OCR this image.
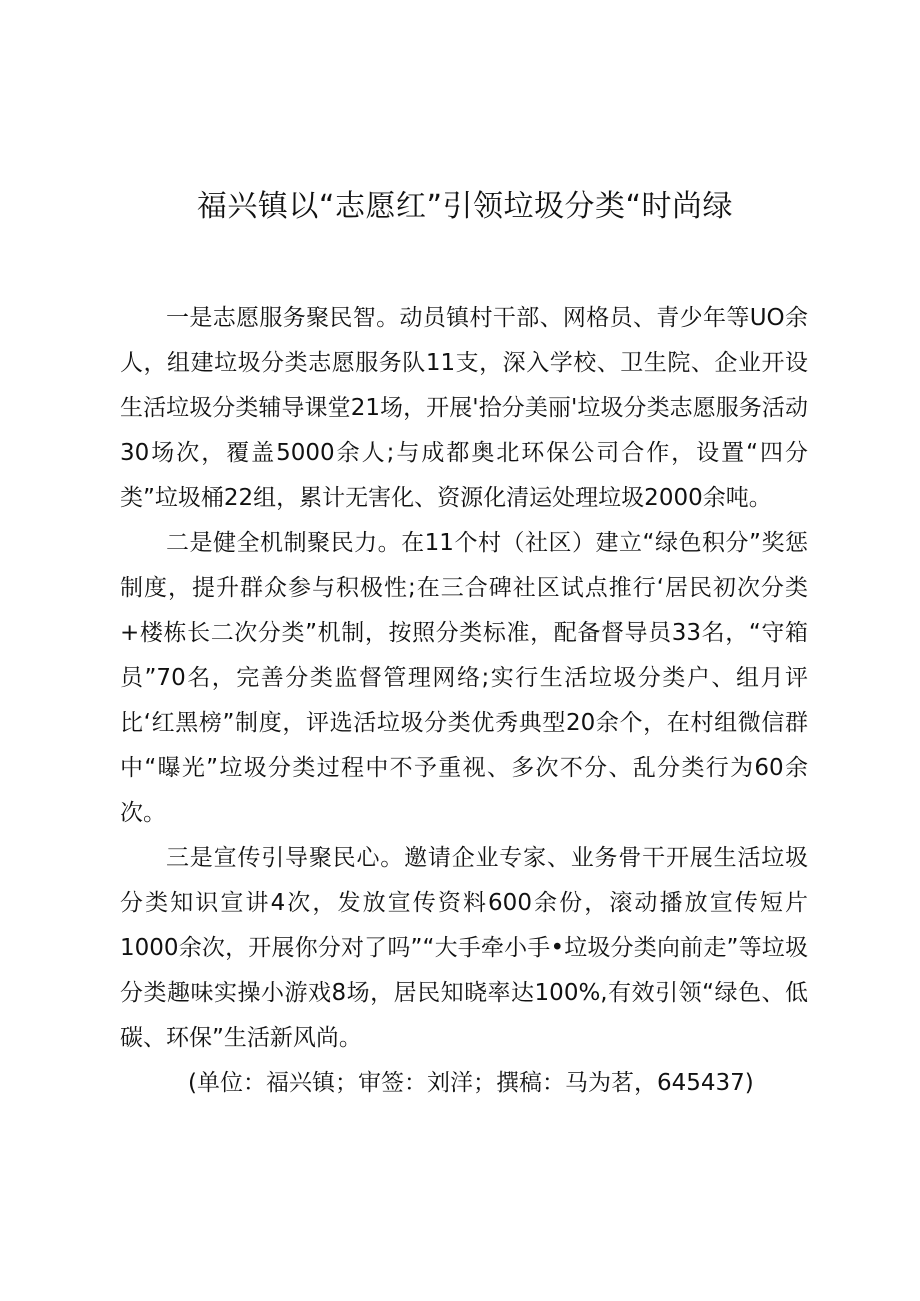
福兴镇以“志愿红”引领垃圾分类“时尚绿

一是志愿服务聚民智。动员镇村干部、网格员、青少年等UO余人，组建垃圾分类志愿服务队11支，深入学校、卫生院、企业开设生活垃圾分类辅导课堂21场，开展'拾分美丽'垃圾分类志愿服务活动30场次，覆盖5000余人;与成都奥北环保公司合作，设置“四分类”垃圾桶22组，累计无害化、资源化清运处理垃圾2000余吨。

二是健全机制聚民力。在11个村（社区）建立“绿色积分”奖惩制度，提升群众参与积极性;在三合碑社区试点推行‘居民初次分类+楼栋长二次分类”机制，按照分类标准，配备督导员33名，“守箱员”70名，完善分类监督管理网络;实行生活垃圾分类户、组月评比‘红黑榜”制度，评选活垃圾分类优秀典型20余个，在村组微信群中“曝光”垃圾分类过程中不予重视、多次不分、乱分类行为60余次。

三是宣传引导聚民心。邀请企业专家、业务骨干开展生活垃圾分类知识宣讲4次，发放宣传资料600余份，滚动播放宣传短片1000余次，开展你分对了吗”“大手牵小手•垃圾分类向前走”等垃圾分类趣味实操小游戏8场，居民知晓率达100%,有效引领“绿色、低碳、环保”生活新风尚。

(单位：福兴镇；审签：刘洋；撰稿：马为茗，645437)
